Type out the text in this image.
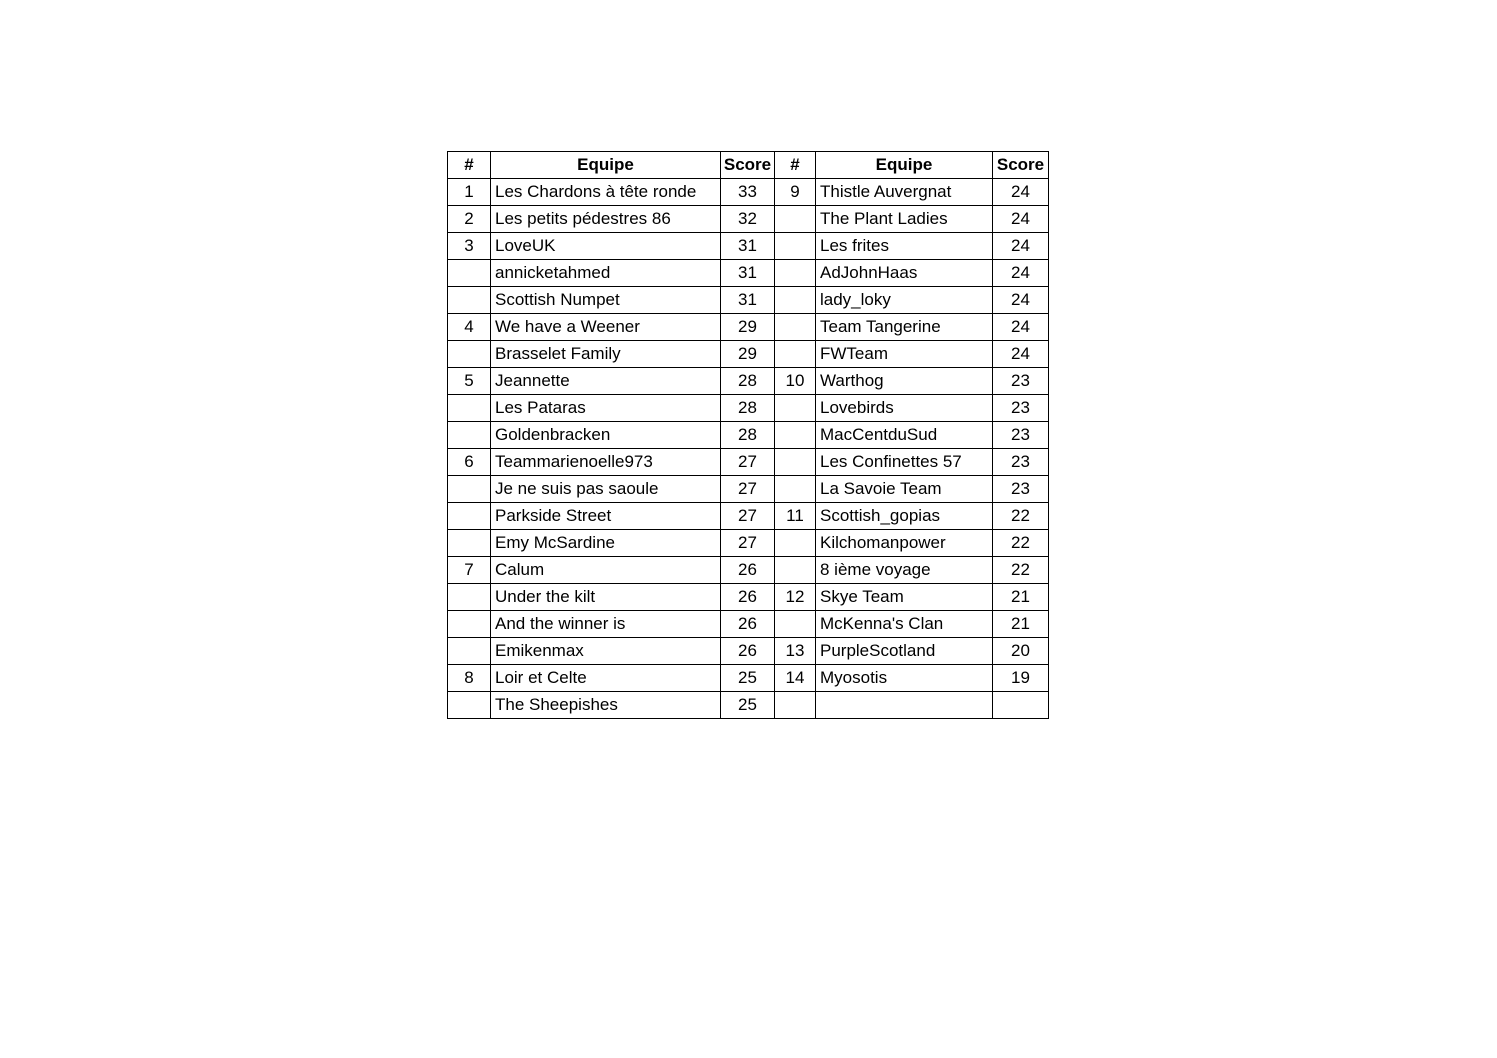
#	Equipe	Score	#	Equipe	Score
1	Les Chardons à tête ronde	33	9	Thistle Auvergnat	24
2	Les petits pédestres 86	32		The Plant Ladies	24
3	LoveUK	31		Les frites	24
	annicketahmed	31		AdJohnHaas	24
	Scottish Numpet	31		lady_loky	24
4	We have a Weener	29		Team Tangerine	24
	Brasselet Family	29		FWTeam	24
5	Jeannette	28	10	Warthog	23
	Les Pataras	28		Lovebirds	23
	Goldenbracken	28		MacCentduSud	23
6	Teammarienoelle973	27		Les Confinettes 57	23
	Je ne suis pas saoule	27		La Savoie Team	23
	Parkside Street	27	11	Scottish_gopias	22
	Emy McSardine	27		Kilchomanpower	22
7	Calum	26		8 ième voyage	22
	Under the kilt	26	12	Skye Team	21
	And the winner is	26		McKenna's Clan	21
	Emikenmax	26	13	PurpleScotland	20
8	Loir et Celte	25	14	Myosotis	19
	The Sheepishes	25			
